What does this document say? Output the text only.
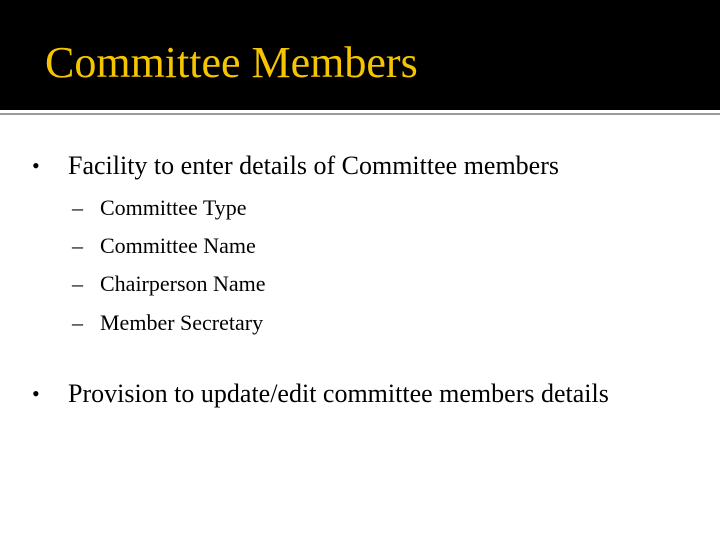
Committee Members
•	Facility to enter details of Committee members
– Committee Type
– Committee Name
– Chairperson Name
– Member Secretary
•	Provision to update/edit committee members details
